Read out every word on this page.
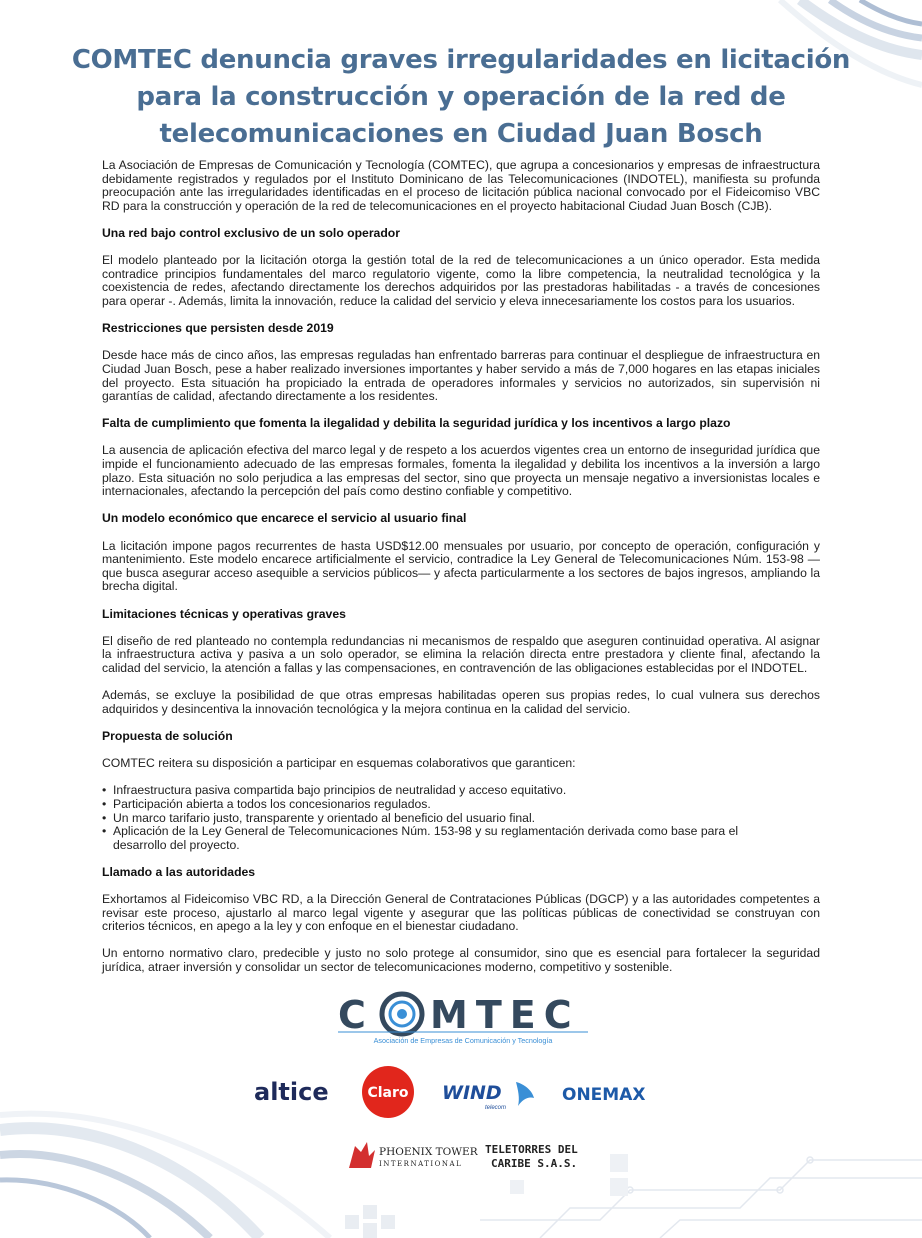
COMTEC denuncia graves irregularidades en licitación para la construcción y operación de la red de telecomunicaciones en Ciudad Juan Bosch

La Asociación de Empresas de Comunicación y Tecnología (COMTEC), que agrupa a concesionarios y empresas de infraestructura debidamente registrados y regulados por el Instituto Dominicano de las Telecomunicaciones (INDOTEL), manifiesta su profunda preocupación ante las irregularidades identificadas en el proceso de licitación pública nacional convocado por el Fideicomiso VBC RD para la construcción y operación de la red de telecomunicaciones en el proyecto habitacional Ciudad Juan Bosch (CJB).

Una red bajo control exclusivo de un solo operador

El modelo planteado por la licitación otorga la gestión total de la red de telecomunicaciones a un único operador. Esta medida contradice principios fundamentales del marco regulatorio vigente, como la libre competencia, la neutralidad tecnológica y la coexistencia de redes, afectando directamente los derechos adquiridos por las prestadoras habilitadas - a través de concesiones para operar -. Además, limita la innovación, reduce la calidad del servicio y eleva innecesariamente los costos para los usuarios.

Restricciones que persisten desde 2019

Desde hace más de cinco años, las empresas reguladas han enfrentado barreras para continuar el despliegue de infraestructura en Ciudad Juan Bosch, pese a haber realizado inversiones importantes y haber servido a más de 7,000 hogares en las etapas iniciales del proyecto. Esta situación ha propiciado la entrada de operadores informales y servicios no autorizados, sin supervisión ni garantías de calidad, afectando directamente a los residentes.

Falta de cumplimiento que fomenta la ilegalidad y debilita la seguridad jurídica y los incentivos a largo plazo

La ausencia de aplicación efectiva del marco legal y de respeto a los acuerdos vigentes crea un entorno de inseguridad jurídica que impide el funcionamiento adecuado de las empresas formales, fomenta la ilegalidad y debilita los incentivos a la inversión a largo plazo. Esta situación no solo perjudica a las empresas del sector, sino que proyecta un mensaje negativo a inversionistas locales e internacionales, afectando la percepción del país como destino confiable y competitivo.

Un modelo económico que encarece el servicio al usuario final

La licitación impone pagos recurrentes de hasta USD$12.00 mensuales por usuario, por concepto de operación, configuración y mantenimiento. Este modelo encarece artificialmente el servicio, contradice la Ley General de Telecomunicaciones Núm. 153-98 —que busca asegurar acceso asequible a servicios públicos— y afecta particularmente a los sectores de bajos ingresos, ampliando la brecha digital.

Limitaciones técnicas y operativas graves

El diseño de red planteado no contempla redundancias ni mecanismos de respaldo que aseguren continuidad operativa. Al asignar la infraestructura activa y pasiva a un solo operador, se elimina la relación directa entre prestadora y cliente final, afectando la calidad del servicio, la atención a fallas y las compensaciones, en contravención de las obligaciones establecidas por el INDOTEL.

Además, se excluye la posibilidad de que otras empresas habilitadas operen sus propias redes, lo cual vulnera sus derechos adquiridos y desincentiva la innovación tecnológica y la mejora continua en la calidad del servicio.

Propuesta de solución

COMTEC reitera su disposición a participar en esquemas colaborativos que garanticen:

• Infraestructura pasiva compartida bajo principios de neutralidad y acceso equitativo.
• Participación abierta a todos los concesionarios regulados.
• Un marco tarifario justo, transparente y orientado al beneficio del usuario final.
• Aplicación de la Ley General de Telecomunicaciones Núm. 153-98 y su reglamentación derivada como base para el desarrollo del proyecto.
Llamado a las autoridades

Exhortamos al Fideicomiso VBC RD, a la Dirección General de Contrataciones Públicas (DGCP) y a las autoridades competentes a revisar este proceso, ajustarlo al marco legal vigente y asegurar que las políticas públicas de conectividad se construyan con criterios técnicos, en apego a la ley y con enfoque en el bienestar ciudadano.

Un entorno normativo claro, predecible y justo no solo protege al consumidor, sino que es esencial para fortalecer la seguridad jurídica, atraer inversión y consolidar un sector de telecomunicaciones moderno, competitivo y sostenible.

C MTEC
Asociación de Empresas de Comunicación y Tecnología
altice	Claro WIND
telecom
ONEMAX
PHOENIX TOWER
INTERNATIONAL
TELETORRES DEL
CARIBE S.A.S.
